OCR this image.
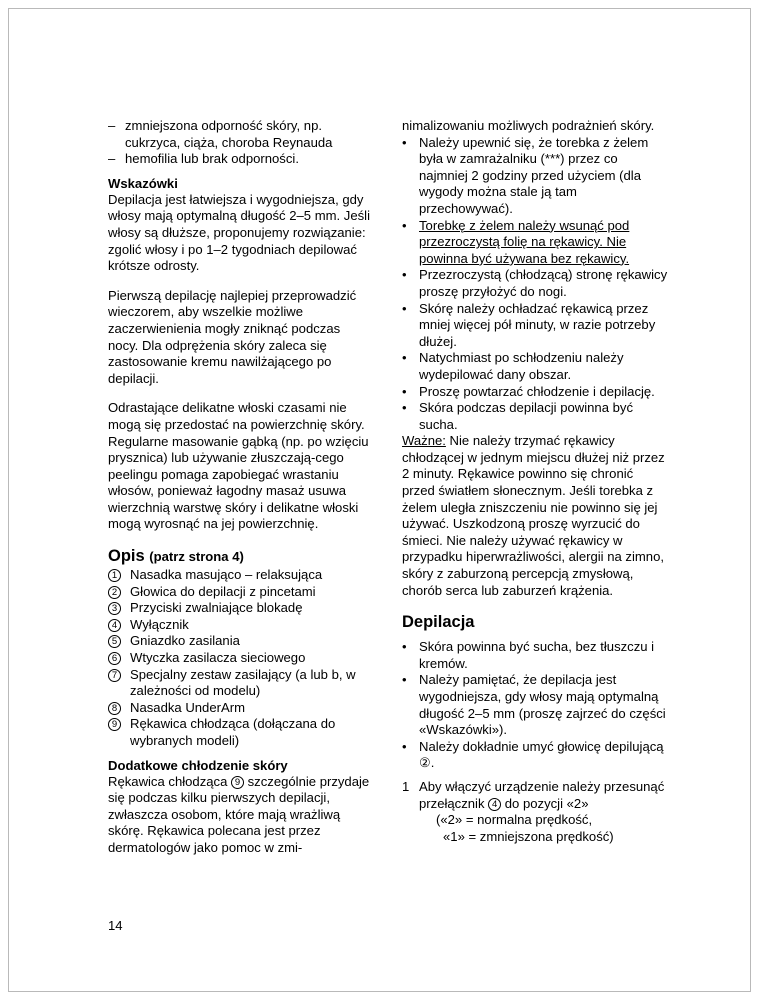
– zmniejszona odporność skóry, np. cukrzyca, ciąża, choroba Reynauda
– hemofilia lub brak odporności.
Wskazówki

Depilacja jest łatwiejsza i wygodniejsza, gdy włosy mają optymalną długość 2–5 mm. Jeśli włosy są dłuższe, proponujemy rozwiązanie: zgolić włosy i po 1–2 tygodniach depilować krótsze odrosty.

Pierwszą depilację najlepiej przeprowadzić wieczorem, aby wszelkie możliwe zaczerwienienia mogły zniknąć podczas nocy. Dla odprężenia skóry zaleca się zastosowanie kremu nawilżającego po depilacji.

Odrastające delikatne włoski czasami nie mogą się przedostać na powierzchnię skóry. Regularne masowanie gąbką (np. po wzięciu prysznica) lub używanie złuszczają-cego peelingu pomaga zapobiegać wrastaniu włosów, ponieważ łagodny masaż usuwa wierzchnią warstwę skóry i delikatne włoski mogą wyrosnąć na jej powierzchnię.

Opis (patrz strona 4)
1 Nasadka masująco – relaksująca
2 Głowica do depilacji z pincetami
3 Przyciski zwalniające blokadę
4 Wyłącznik
5 Gniazdko zasilania
6 Wtyczka zasilacza sieciowego
7 Specjalny zestaw zasilający (a lub b, w zależności od modelu)
8 Nasadka UnderArm
9 Rękawica chłodząca (dołączana do wybranych modeli)
Dodatkowe chłodzenie skóry

Rękawica chłodząca 9 szczególnie przydaje się podczas kilku pierwszych depilacji, zwłaszcza osobom, które mają wrażliwą skórę. Rękawica polecana jest przez dermatologów jako pomoc w zmi-

nimalizowaniu możliwych podrażnień skóry.

• Należy upewnić się, że torebka z żelem była w zamrażalniku (***) przez co najmniej 2 godziny przed użyciem (dla wygody można stale ją tam przechowywać).
• Torebkę z żelem należy wsunąć pod przezroczystą folię na rękawicy. Nie powinna być używana bez rękawicy.
• Przezroczystą (chłodzącą) stronę rękawicy proszę przyłożyć do nogi.
• Skórę należy ochładzać rękawicą przez mniej więcej pół minuty, w razie potrzeby dłużej.
• Natychmiast po schłodzeniu należy wydepilować dany obszar.
• Proszę powtarzać chłodzenie i depilację.
• Skóra podczas depilacji powinna być sucha.

Ważne: Nie należy trzymać rękawicy chłodzącej w jednym miejscu dłużej niż przez 2 minuty. Rękawice powinno się chronić przed światłem słonecznym. Jeśli torebka z żelem uległa zniszczeniu nie powinno się jej używać. Uszkodzoną proszę wyrzucić do śmieci. Nie należy używać rękawicy w przypadku hiperwrażliwości, alergii na zimno, skóry z zaburzoną percepcją zmysłową, chorób serca lub zaburzeń krążenia.

Depilacja
• Skóra powinna być sucha, bez tłuszczu i kremów.
• Należy pamiętać, że depilacja jest wygodniejsza, gdy włosy mają optymalną długość 2–5 mm (proszę zajrzeć do części «Wskazówki»).
• Należy dokładnie umyć głowicę depilującą ②.
1 Aby włączyć urządzenie należy przesunąć przełącznik 4 do pozycji «2»
(«2» = normalna prędkość,
«1» = zmniejszona prędkość)
14
